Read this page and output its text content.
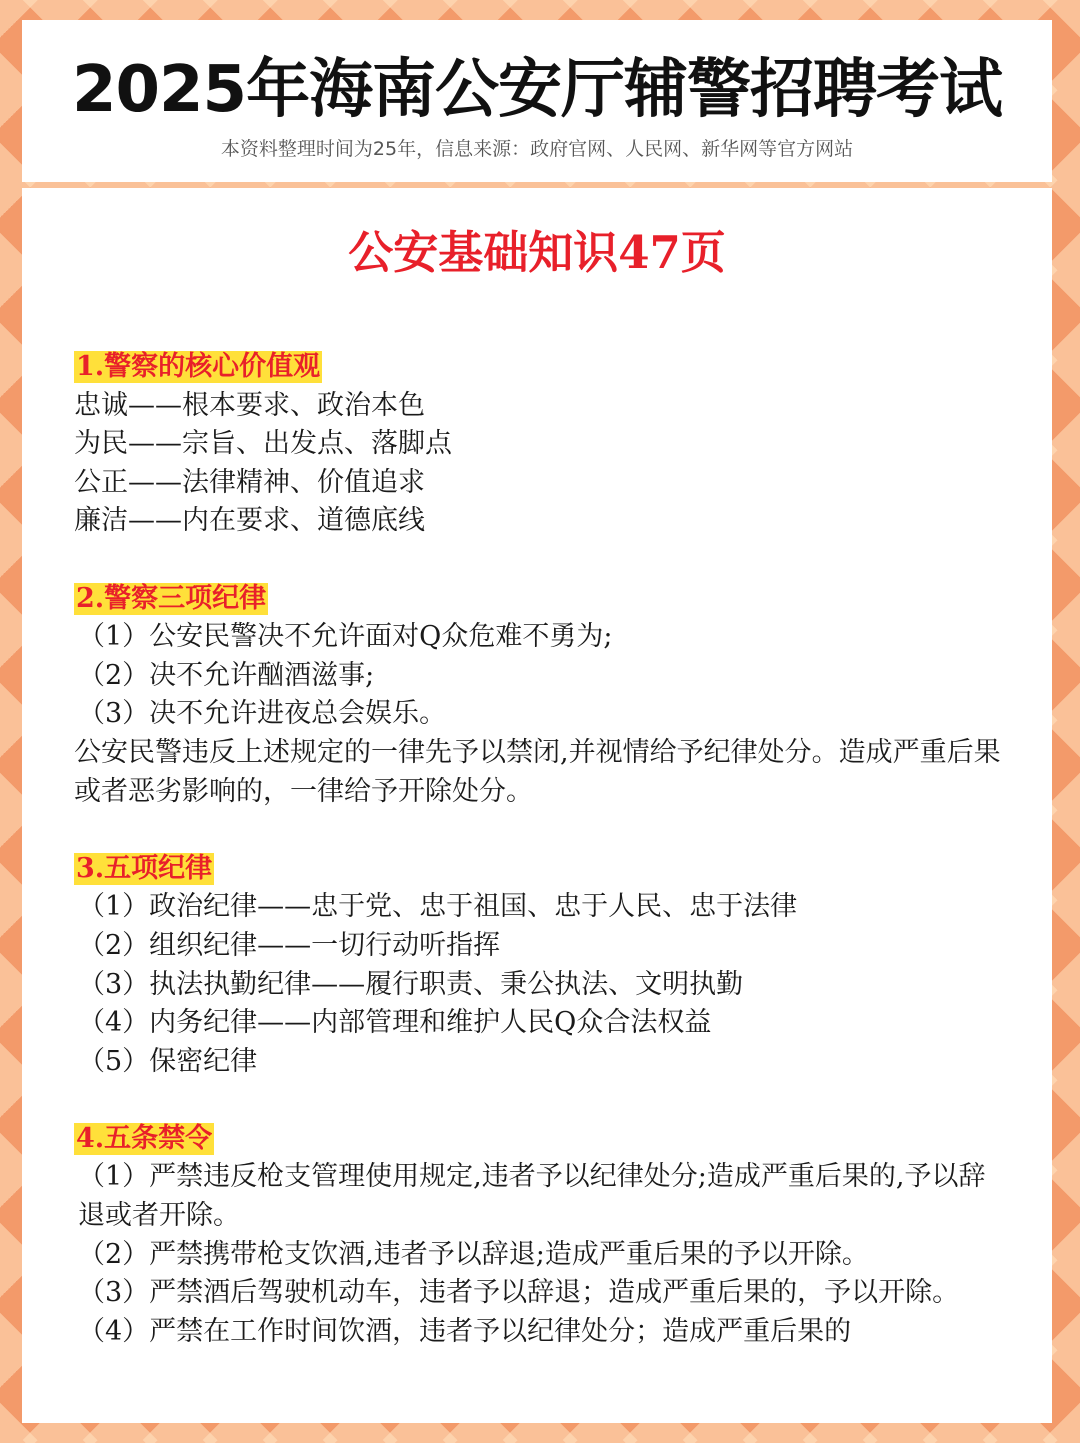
2025年海南公安厅辅警招聘考试
本资料整理时间为25年，信息来源：政府官网、人民网、新华网等官方网站
公安基础知识47页
1.警察的核心价值观
忠诚——根本要求、政治本色
为民——宗旨、出发点、落脚点
公正——法律精神、价值追求
廉洁——内在要求、道德底线
2.警察三项纪律
（1）公安民警决不允许面对Q众危难不勇为;
（2）决不允许酗酒滋事;
（3）决不允许进夜总会娱乐。
公安民警违反上述规定的一律先予以禁闭,并视情给予纪律处分。造成严重后果或者恶劣影响的，一律给予开除处分。
3.五项纪律
（1）政治纪律——忠于党、忠于祖国、忠于人民、忠于法律
（2）组织纪律——一切行动听指挥
（3）执法执勤纪律——履行职责、秉公执法、文明执勤
（4）内务纪律——内部管理和维护人民Q众合法权益
（5）保密纪律
4.五条禁令
（1）严禁违反枪支管理使用规定,违者予以纪律处分;造成严重后果的,予以辞退或者开除。
（2）严禁携带枪支饮酒,违者予以辞退;造成严重后果的予以开除。
（3）严禁酒后驾驶机动车，违者予以辞退；造成严重后果的，予以开除。
（4）严禁在工作时间饮酒，违者予以纪律处分；造成严重后果的
